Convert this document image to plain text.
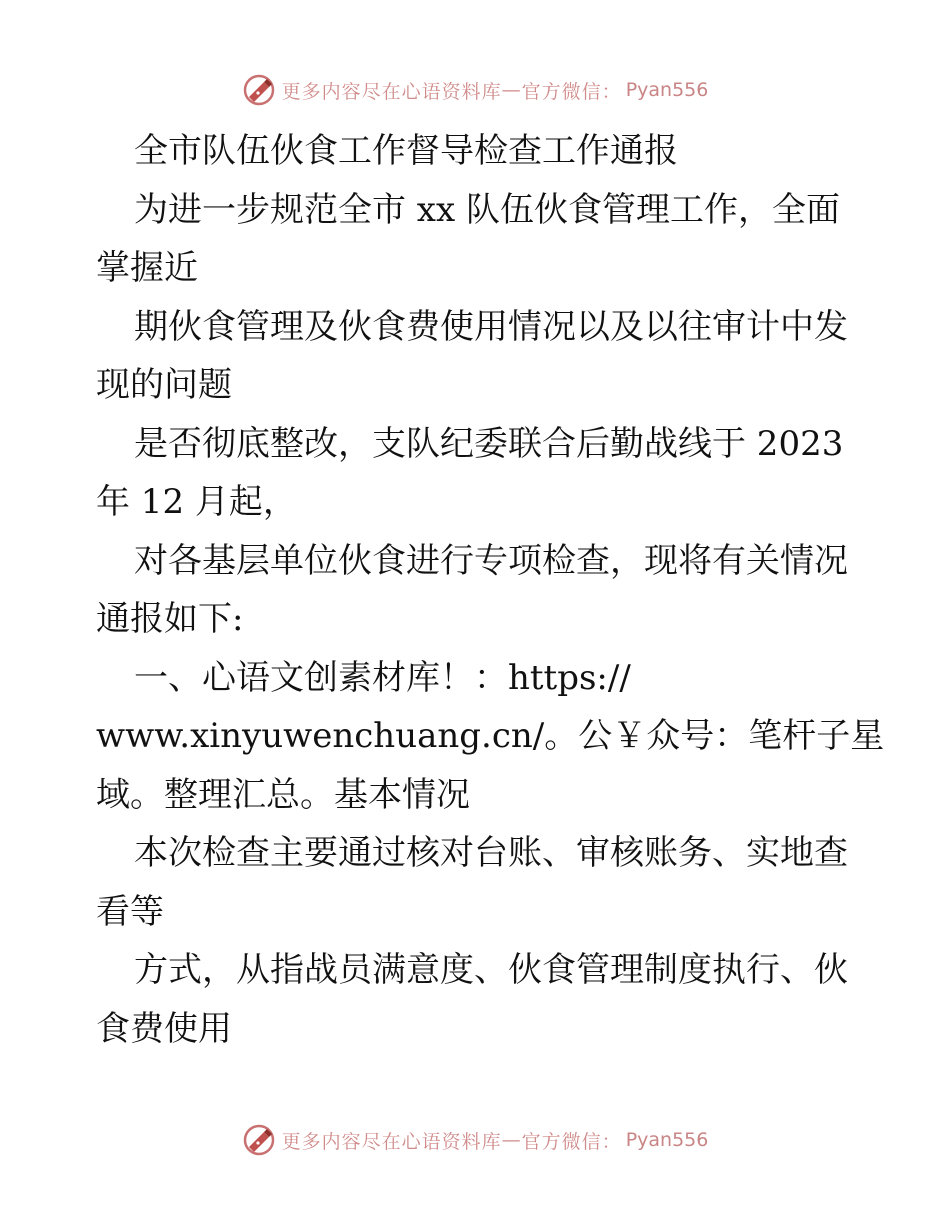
更多内容尽在心语资料库 — 官方微信： Pyan556
全市队伍伙食工作督导检查工作通报
为进一步规范全市 xx 队伍伙食管理工作，全面
掌握近
期伙食管理及伙食费使用情况以及以往审计中发
现的问题
是否彻底整改，支队纪委联合后勤战线于 2023
年 12 月起，
对各基层单位伙食进行专项检查，现将有关情况
通报如下:
一、心语文创素材库！：https://
www.xinyuwenchuang.cn/。公￥众号：笔杆子星
域。整理汇总。基本情况
本次检查主要通过核对台账、审核账务、实地查
看等
方式，从指战员满意度、伙食管理制度执行、伙
食费使用
更多内容尽在心语资料库 — 官方微信： Pyan556
